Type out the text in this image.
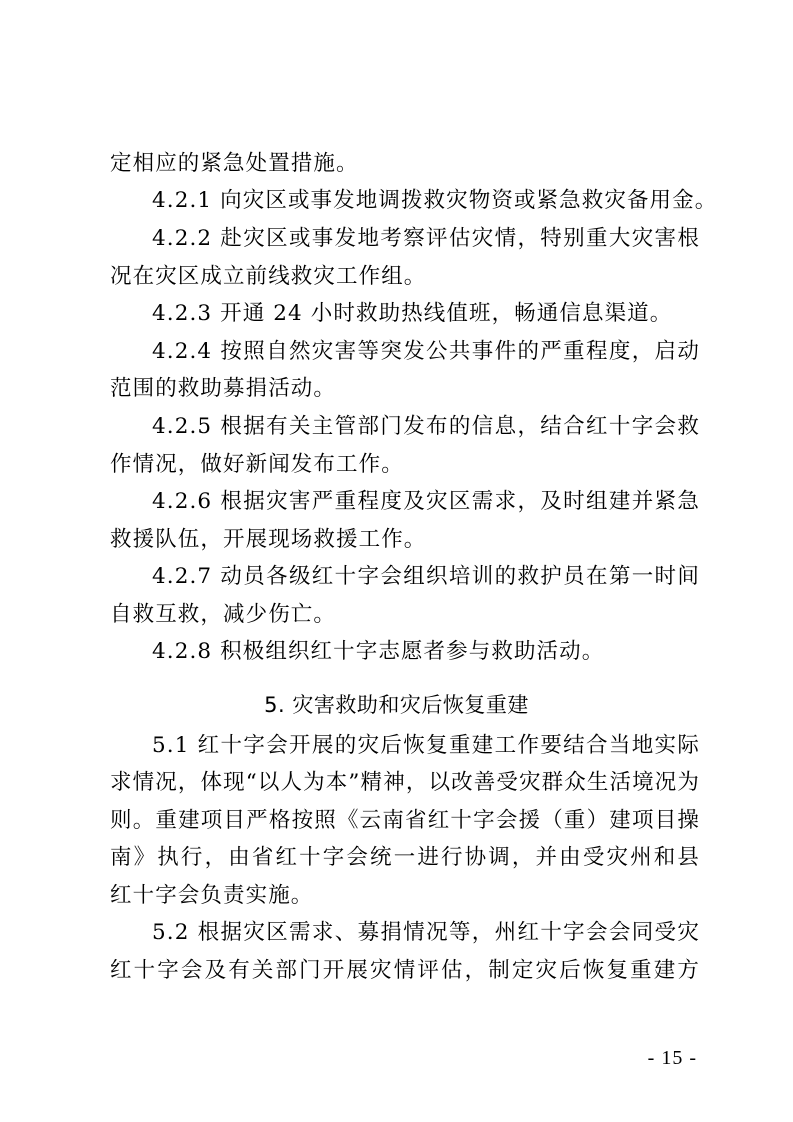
定相应的紧急处置措施。
4.2.1 向灾区或事发地调拨救灾物资或紧急救灾备用金。
4.2.2 赴灾区或事发地考察评估灾情，特别重大灾害根
况在灾区成立前线救灾工作组。
4.2.3 开通 24 小时救助热线值班，畅通信息渠道。
4.2.4 按照自然灾害等突发公共事件的严重程度，启动
范围的救助募捐活动。
4.2.5 根据有关主管部门发布的信息，结合红十字会救
作情况，做好新闻发布工作。
4.2.6 根据灾害严重程度及灾区需求，及时组建并紧急
救援队伍，开展现场救援工作。
4.2.7 动员各级红十字会组织培训的救护员在第一时间
自救互救，减少伤亡。
4.2.8 积极组织红十字志愿者参与救助活动。
5. 灾害救助和灾后恢复重建
5.1 红十字会开展的灾后恢复重建工作要结合当地实际
求情况，体现“以人为本”精神，以改善受灾群众生活境况为
则。重建项目严格按照《云南省红十字会援（重）建项目操
南》执行，由省红十字会统一进行协调，并由受灾州和县
红十字会负责实施。
5.2 根据灾区需求、募捐情况等，州红十字会会同受灾
红十字会及有关部门开展灾情评估，制定灾后恢复重建方
- 15 -
